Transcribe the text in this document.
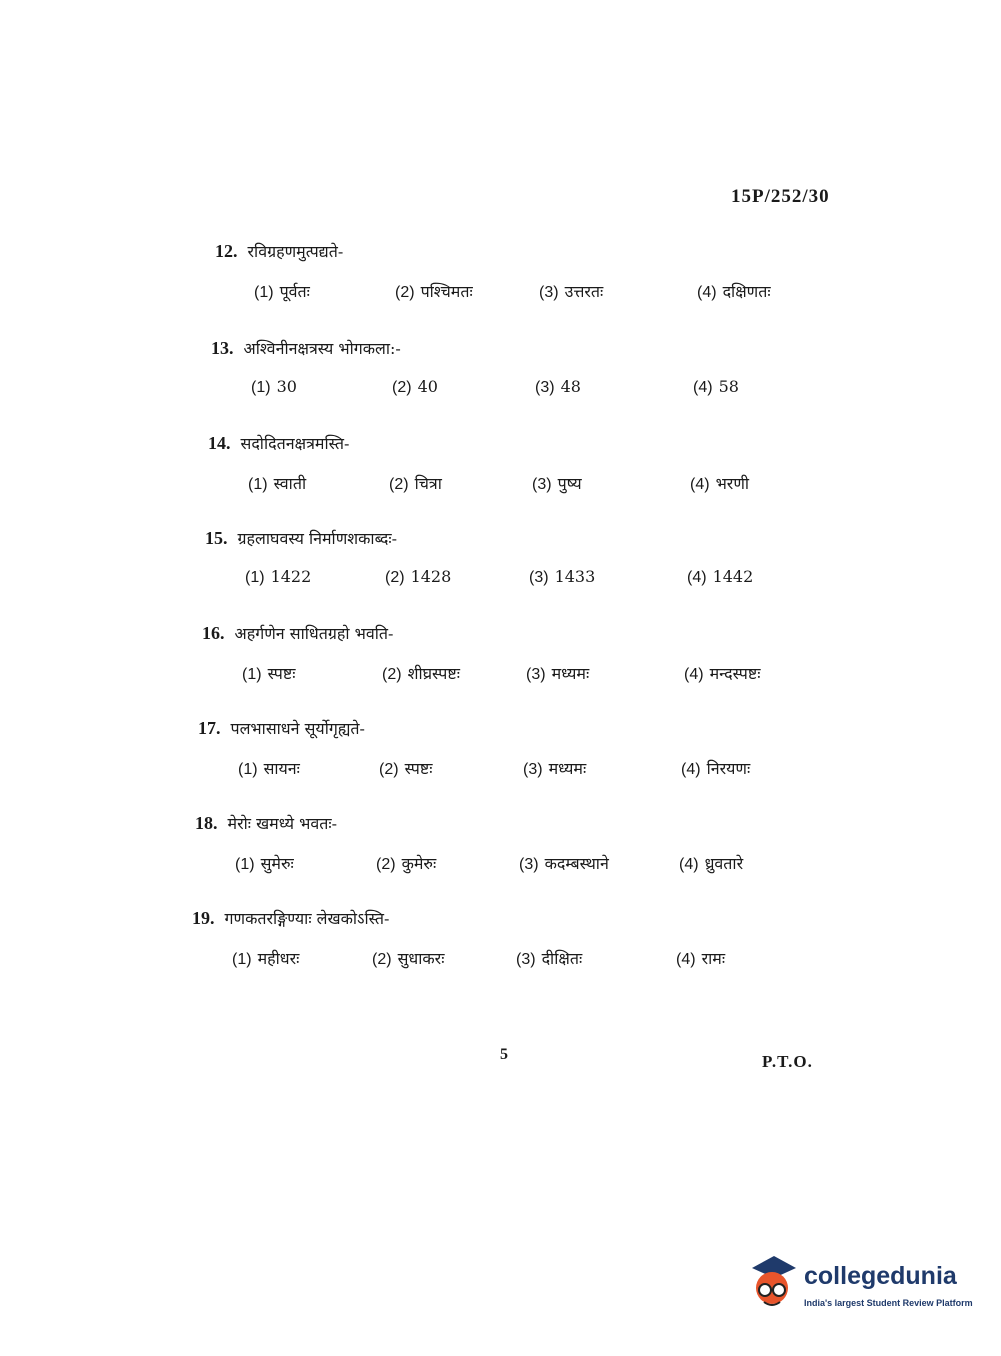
15P/252/30
12. रविग्रहणमुत्पद्यते-
(1) पूर्वतः	(2) पश्चिमतः	(3) उत्तरतः	(4) दक्षिणतः
13. अश्विनीनक्षत्रस्य भोगकला:-
(1) 30	(2) 40	(3) 48	(4) 58
14. सदोदितनक्षत्रमस्ति-
(1) स्वाती	(2) चित्रा	(3) पुष्य	(4) भरणी
15. ग्रहलाघवस्य निर्माणशकाब्दः-
(1) 1422	(2) 1428	(3) 1433	(4) 1442
16. अहर्गणेन साधितग्रहो भवति-
(1) स्पष्टः	(2) शीघ्रस्पष्टः	(3) मध्यमः	(4) मन्दस्पष्टः
17. पलभासाधने सूर्योगृह्यते-
(1) सायनः	(2) स्पष्टः	(3) मध्यमः	(4) निरयणः
18. मेरोः खमध्ये भवतः-
(1) सुमेरुः	(2) कुमेरुः	(3) कदम्बस्थाने	(4) ध्रुवतारे
19. गणकतरङ्गिण्याः लेखकोऽस्ति-
(1) महीधरः	(2) सुधाकरः	(3) दीक्षितः	(4) रामः
5	P.T.O.
collegedunia
India's largest Student Review Platform
